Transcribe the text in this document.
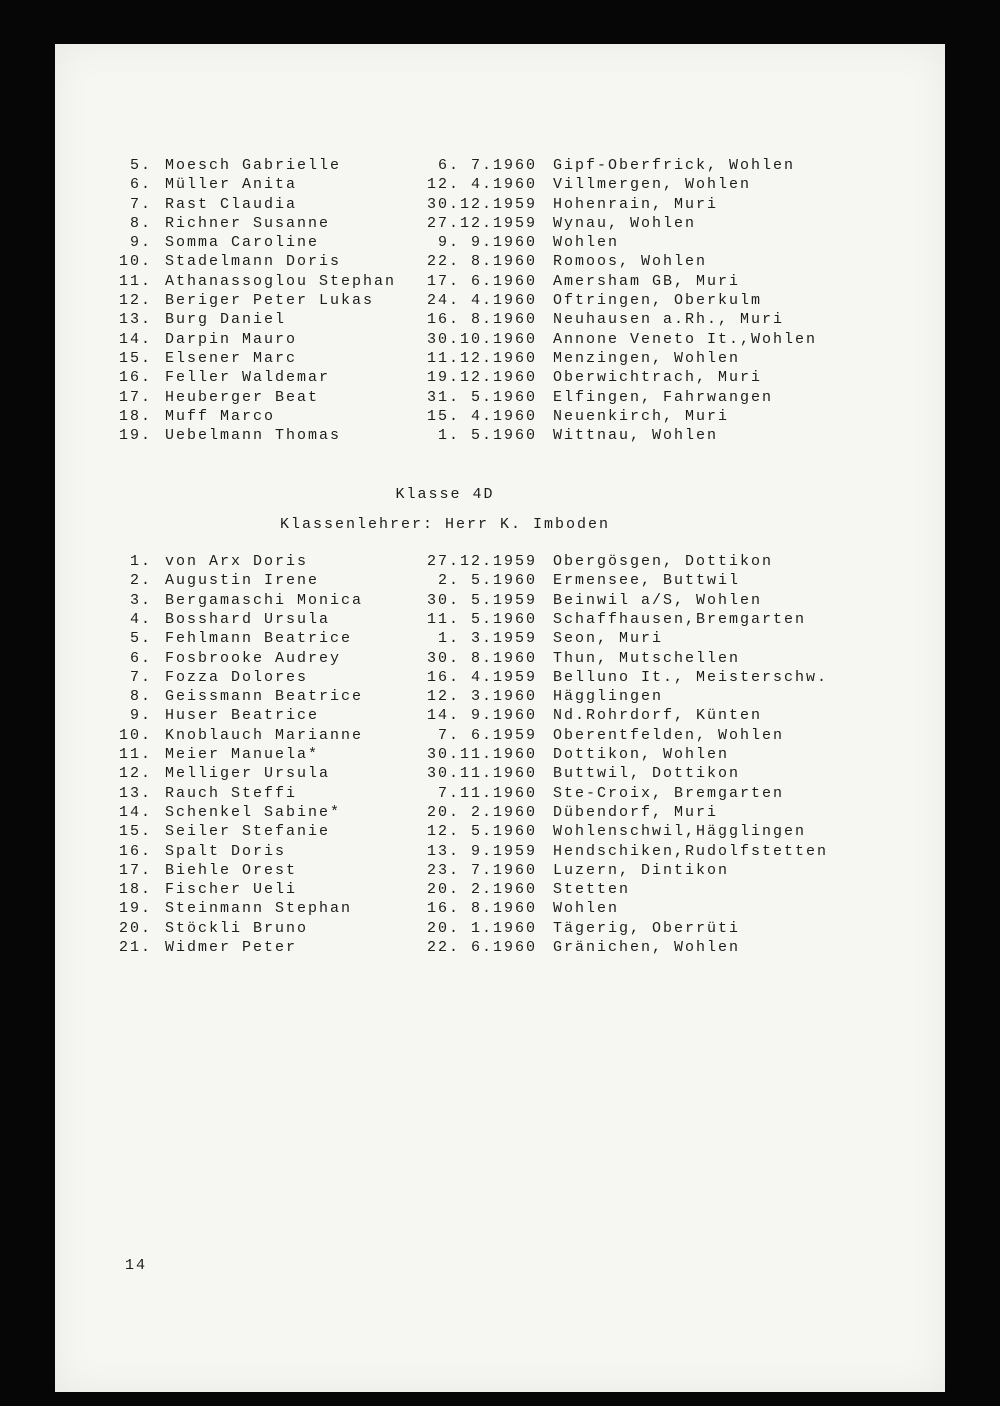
5. Moesch Gabrielle	6. 7.1960 Gipf-Oberfrick, Wohlen
6. Müller Anita	12. 4.1960 Villmergen, Wohlen
7. Rast Claudia	30.12.1959 Hohenrain, Muri
8. Richner Susanne	27.12.1959 Wynau, Wohlen
9. Somma Caroline	9. 9.1960 Wohlen
10. Stadelmann Doris	22. 8.1960 Romoos, Wohlen
11. Athanassoglou Stephan	17. 6.1960 Amersham GB, Muri
12. Beriger Peter Lukas	24. 4.1960 Oftringen, Oberkulm
13. Burg Daniel	16. 8.1960 Neuhausen a.Rh., Muri
14. Darpin Mauro	30.10.1960 Annone Veneto It.,Wohlen
15. Elsener Marc	11.12.1960 Menzingen, Wohlen
16. Feller Waldemar	19.12.1960 Oberwichtrach, Muri
17. Heuberger Beat	31. 5.1960 Elfingen, Fahrwangen
18. Muff Marco	15. 4.1960 Neuenkirch, Muri
19. Uebelmann Thomas	1. 5.1960 Wittnau, Wohlen
Klasse 4D
Klassenlehrer: Herr K. Imboden
1. von Arx Doris	27.12.1959 Obergösgen, Dottikon
2. Augustin Irene	2. 5.1960 Ermensee, Buttwil
3. Bergamaschi Monica	30. 5.1959 Beinwil a/S, Wohlen
4. Bosshard Ursula	11. 5.1960 Schaffhausen,Bremgarten
5. Fehlmann Beatrice	1. 3.1959 Seon, Muri
6. Fosbrooke Audrey	30. 8.1960 Thun, Mutschellen
7. Fozza Dolores	16. 4.1959 Belluno It., Meisterschw.
8. Geissmann Beatrice	12. 3.1960 Hägglingen
9. Huser Beatrice	14. 9.1960 Nd.Rohrdorf, Künten
10. Knoblauch Marianne	7. 6.1959 Oberentfelden, Wohlen
11. Meier Manuela*	30.11.1960 Dottikon, Wohlen
12. Melliger Ursula	30.11.1960 Buttwil, Dottikon
13. Rauch Steffi	7.11.1960 Ste-Croix, Bremgarten
14. Schenkel Sabine*	20. 2.1960 Dübendorf, Muri
15. Seiler Stefanie	12. 5.1960 Wohlenschwil,Hägglingen
16. Spalt Doris	13. 9.1959 Hendschiken,Rudolfstetten
17. Biehle Orest	23. 7.1960 Luzern, Dintikon
18. Fischer Ueli	20. 2.1960 Stetten
19. Steinmann Stephan	16. 8.1960 Wohlen
20. Stöckli Bruno	20. 1.1960 Tägerig, Oberrüti
21. Widmer Peter	22. 6.1960 Gränichen, Wohlen
14
